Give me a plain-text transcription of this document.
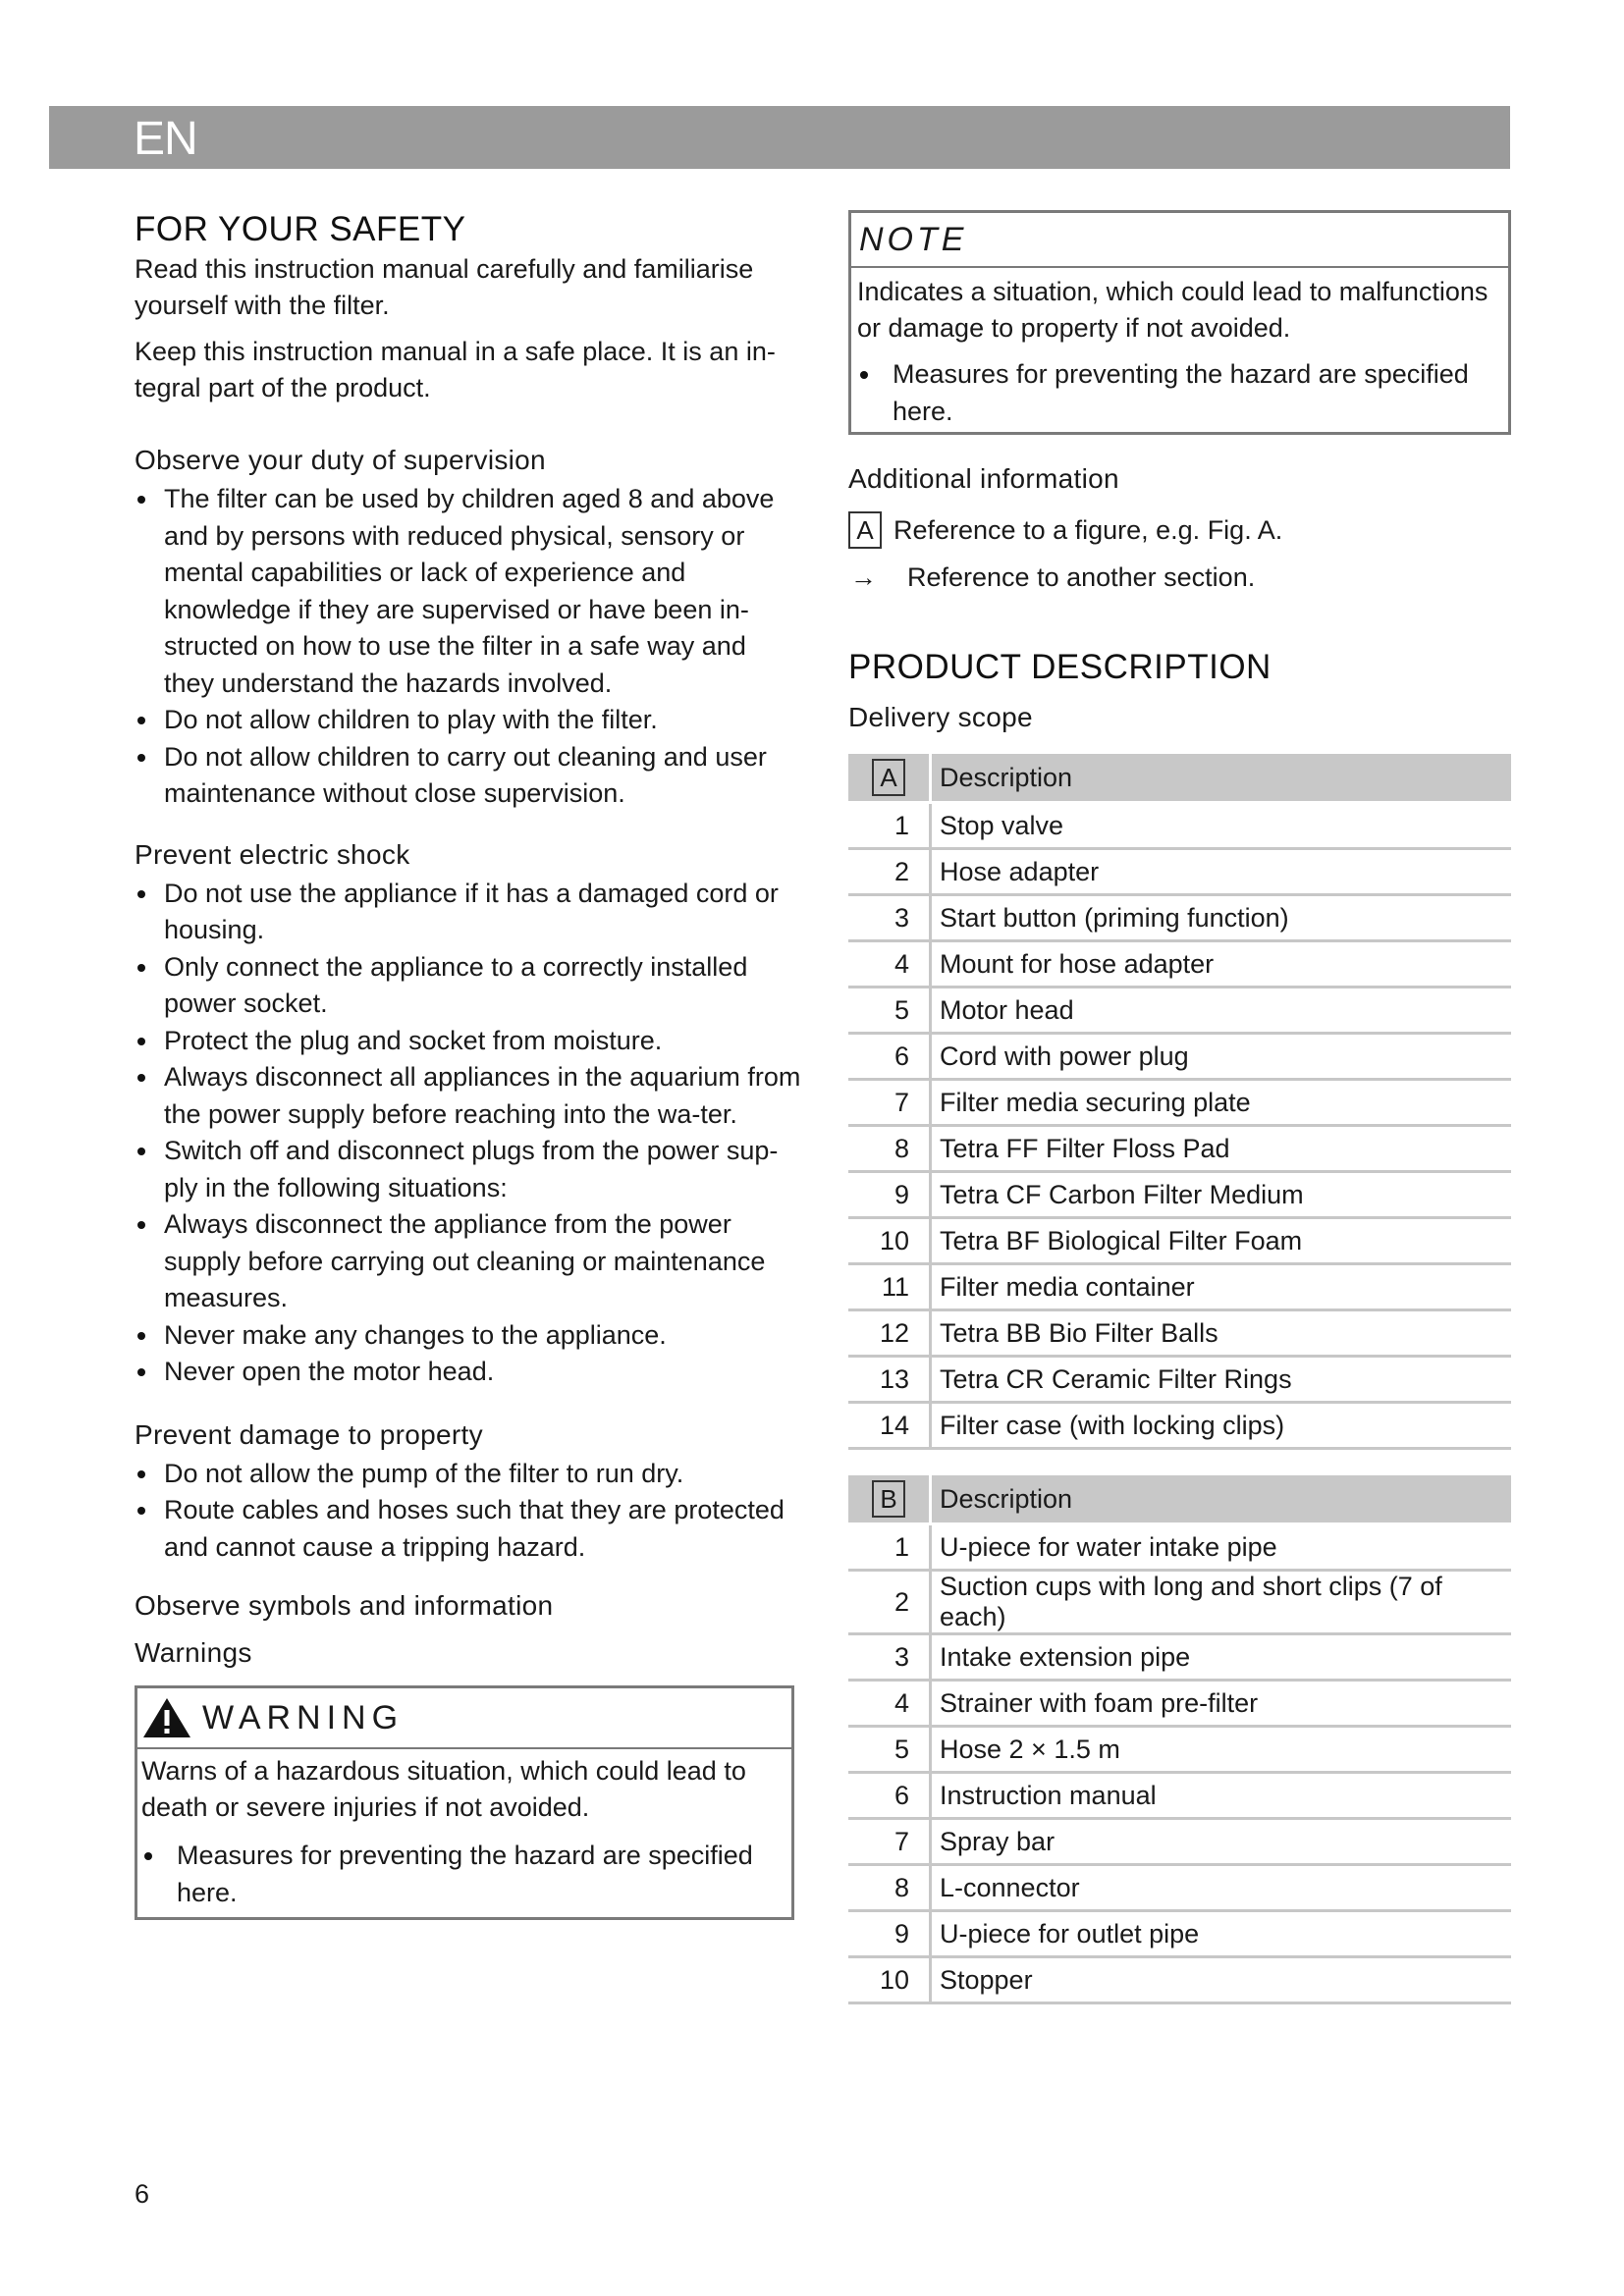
EN
FOR YOUR SAFETY

Read this instruction manual carefully and familiarise yourself with the filter.

Keep this instruction manual in a safe place. It is an in-tegral part of the product.

Observe your duty of supervision
The filter can be used by children aged 8 and above and by persons with reduced physical, sensory or mental capabilities or lack of experience and knowledge if they are supervised or have been in-structed on how to use the filter in a safe way and they understand the hazards involved.
Do not allow children to play with the filter.
Do not allow children to carry out cleaning and user maintenance without close supervision.
Prevent electric shock
Do not use the appliance if it has a damaged cord or housing.
Only connect the appliance to a correctly installed power socket.
Protect the plug and socket from moisture.
Always disconnect all appliances in the aquarium from the power supply before reaching into the wa-ter.
Switch off and disconnect plugs from the power sup-ply in the following situations:
Always disconnect the appliance from the power supply before carrying out cleaning or maintenance measures.
Never make any changes to the appliance.
Never open the motor head.
Prevent damage to property
Do not allow the pump of the filter to run dry.
Route cables and hoses such that they are protected and cannot cause a tripping hazard.
Observe symbols and information
Warnings
WARNING

Warns of a hazardous situation, which could lead to death or severe injuries if not avoided.

Measures for preventing the hazard are specified here.
NOTE

Indicates a situation, which could lead to malfunctions or damage to property if not avoided.

Measures for preventing the hazard are specified here.
Additional information
A Reference to a figure, e.g. Fig. A.
→	Reference to another section.
PRODUCT DESCRIPTION
Delivery scope
A	Description
1	Stop valve
2	Hose adapter
3	Start button (priming function)
4	Mount for hose adapter
5	Motor head
6	Cord with power plug
7	Filter media securing plate
8	Tetra FF Filter Floss Pad
9	Tetra CF Carbon Filter Medium
10	Tetra BF Biological Filter Foam
11	Filter media container
12	Tetra BB Bio Filter Balls
13	Tetra CR Ceramic Filter Rings
14	Filter case (with locking clips)
B	Description
1	U-piece for water intake pipe
2	Suction cups with long and short clips (7 of each)
3	Intake extension pipe
4	Strainer with foam pre-filter
5	Hose 2 × 1.5 m
6	Instruction manual
7	Spray bar
8	L-connector
9	U-piece for outlet pipe
10	Stopper
6
